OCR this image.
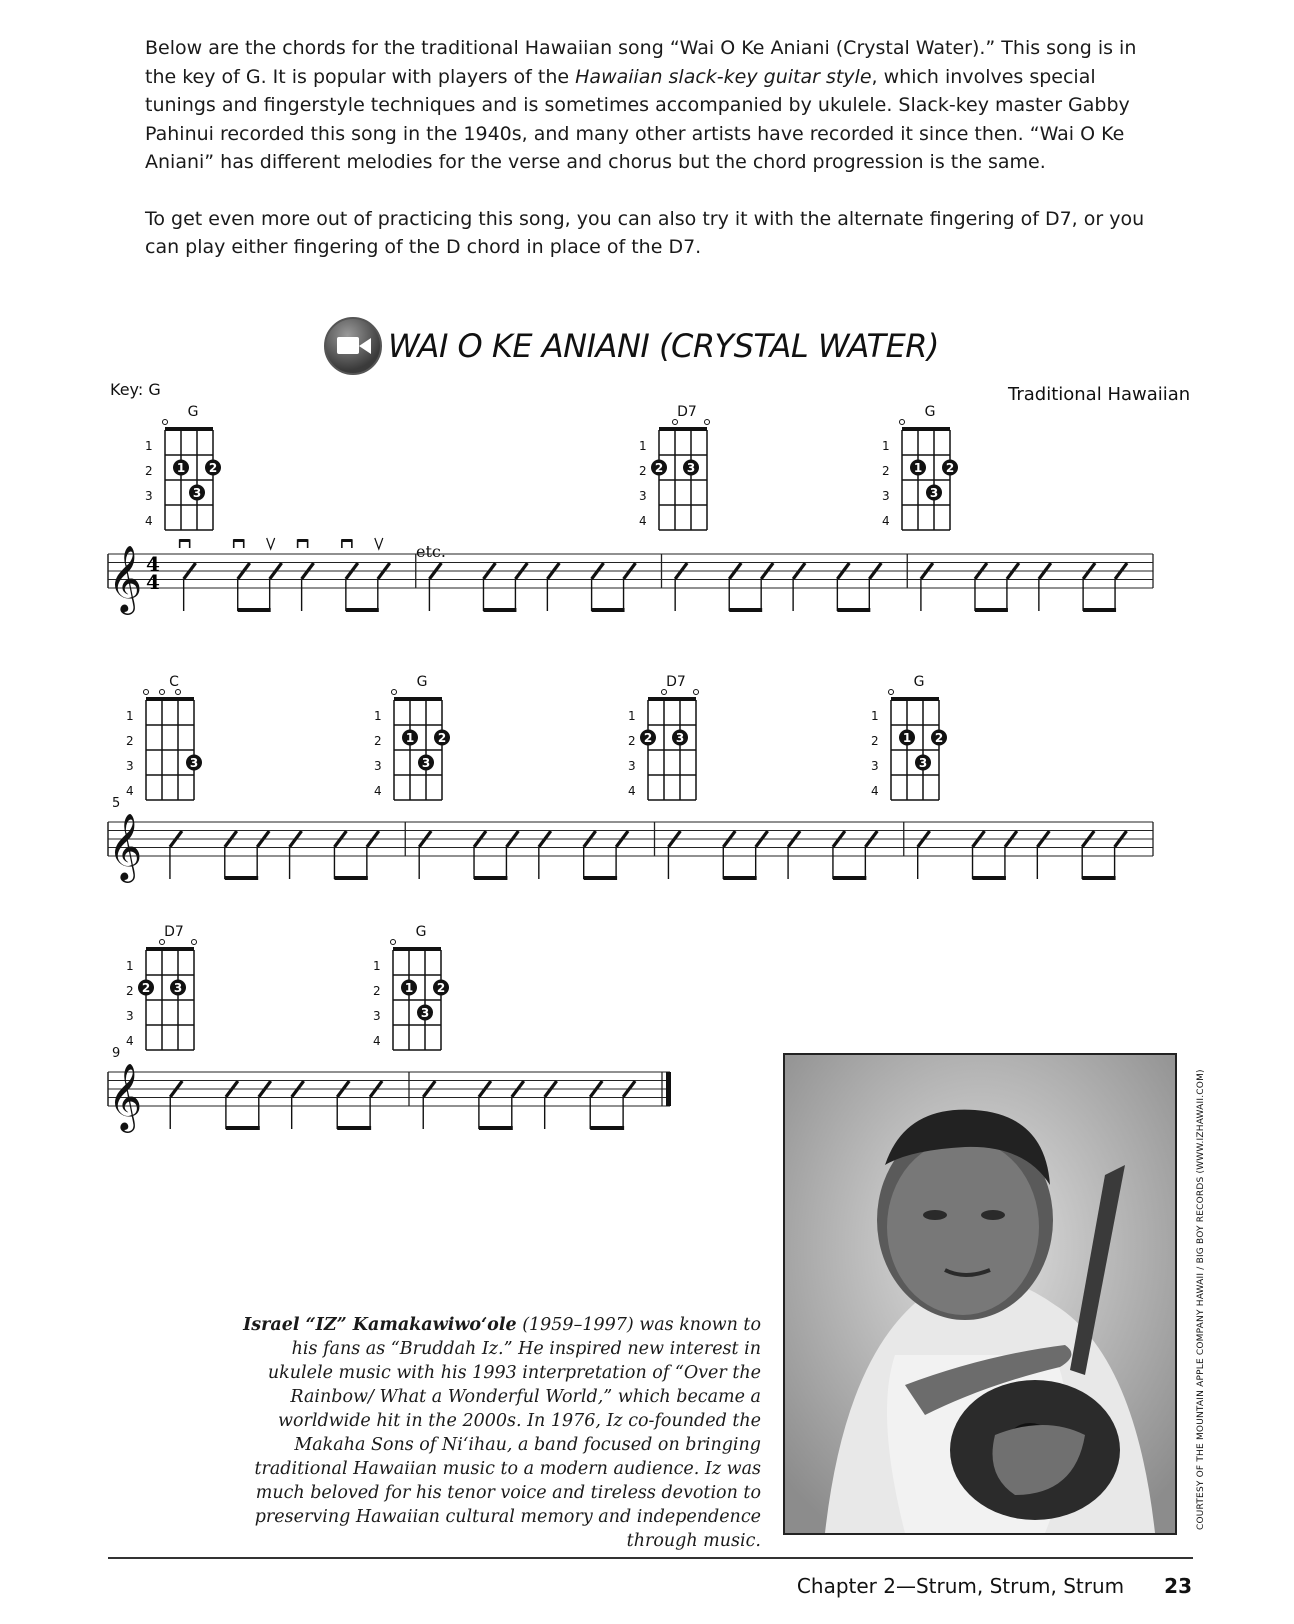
Below are the chords for the traditional Hawaiian song “Wai O Ke Aniani (Crystal Water).” This song is in the key of G. It is popular with players of the Hawaiian slack-key guitar style, which involves special tunings and fingerstyle techniques and is sometimes accompanied by ukulele. Slack-key master Gabby Pahinui recorded this song in the 1940s, and many other artists have recorded it since then. “Wai O Ke Aniani” has different melodies for the verse and chorus but the chord progression is the same.

To get even more out of practicing this song, you can also try it with the alternate fingering of D7, or you can play either fingering of the D chord in place of the D7.

WAI O KE ANIANI (CRYSTAL WATER)
Key: G	Traditional Hawaiian
G
1
2
3
4
1
3
2
D7
1
2
3
4
2 3
G
1
2
3
4
1
3
2
C
1
2
3
4
3
G
1
2
3
4
1
3
2
D7
1
2
3
4
2 3
G
1
2
3
4
1
3
2
D7
1
2
3
4
2 3
G
1
2
3
4
1
3
2
𝄞 4
4
etc.
5
𝄞
9
𝄞	COURTESY OF THE MOUNTAIN APPLE COMPANY HAWAII / BIG BOY RECORDS (WWW.IZHAWAII.COM)
Israel “IZ” Kamakawiwoʻole (1959–1997) was known to his fans as “Bruddah Iz.” He inspired new interest in ukulele music with his 1993 interpretation of “Over the Rainbow/ What a Wonderful World,” which became a worldwide hit in the 2000s. In 1976, Iz co-founded the Makaha Sons of Niʻihau, a band focused on bringing traditional Hawaiian music to a modern audience. Iz was much beloved for his tenor voice and tireless devotion to preserving Hawaiian cultural memory and independence through music.
Chapter 2—Strum, Strum, Strum 23
